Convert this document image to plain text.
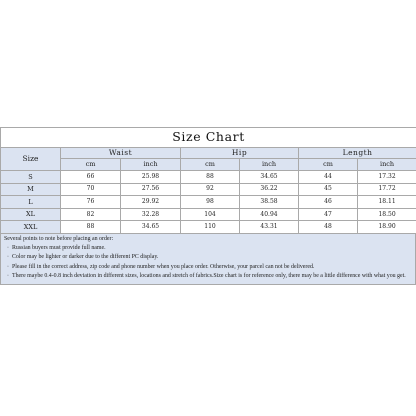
Size Chart						
Size	Waist		Hip		Length	
	cm	inch	cm	inch	cm	inch
S	66	25.98	88	34.65	44	17.32
M	70	27.56	92	36.22	45	17.72
L	76	29.92	98	38.58	46	18.11
XL	82	32.28	104	40.94	47	18.50
XXL	88	34.65	110	43.31	48	18.90
Several points to note before placing an order:
· Russian buyers must provide full name.
· Color may be lighter or darker due to the different PC display.
· Please fill in the correct address, zip code and phone number when you place order. Otherwise, your parcel can not be delivered.
· There maybe 0.4-0.8 inch deviation in different sizes, locations and stretch of fabrics.Size chart is for reference only, there may be a little difference with what you get.
